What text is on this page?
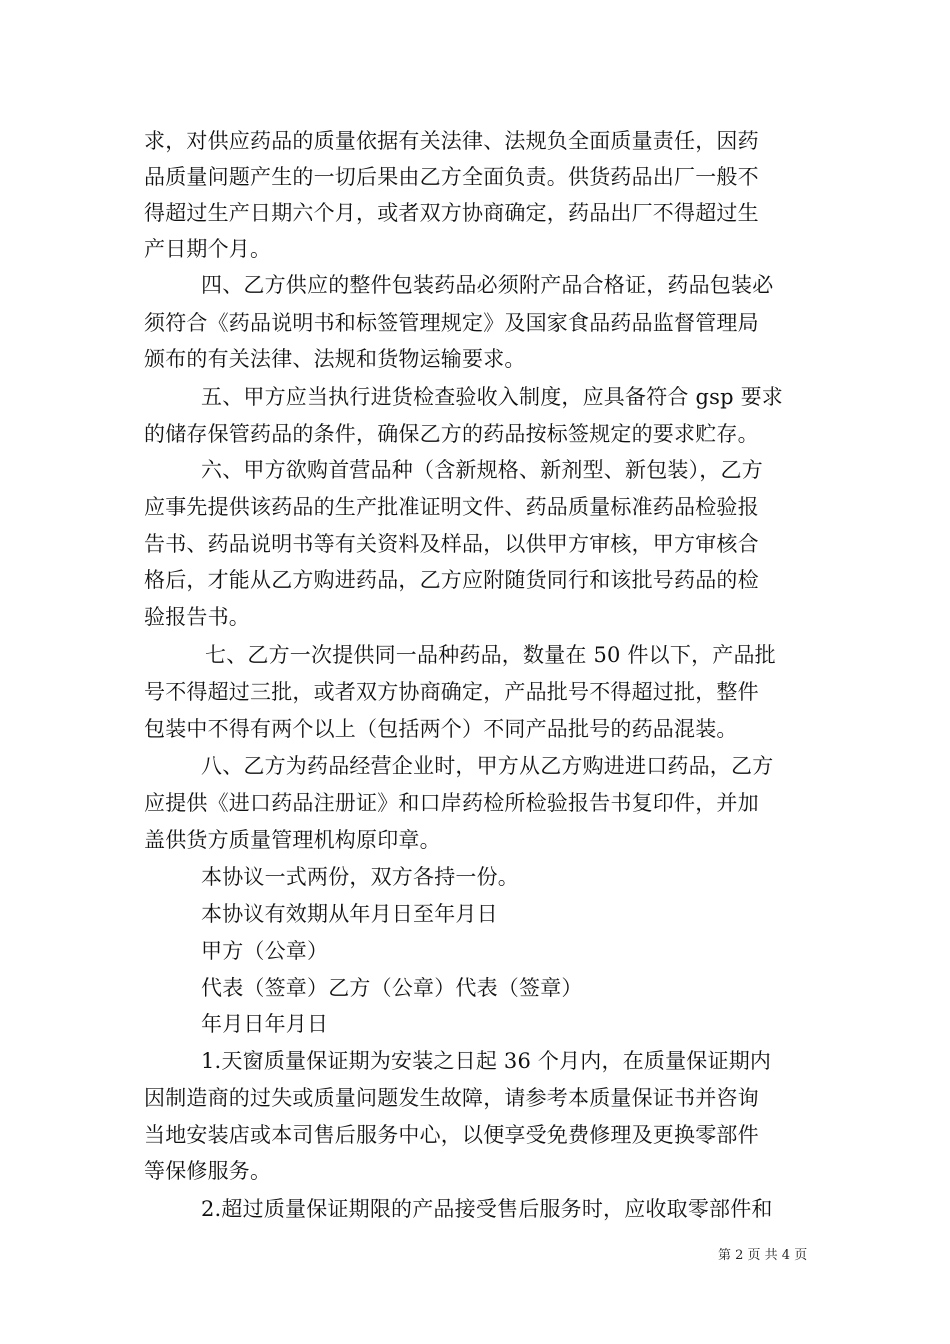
求，对供应药品的质量依据有关法律、法规负全面质量责任，因药
品质量问题产生的一切后果由乙方全面负责。供货药品出厂一般不
得超过生产日期六个月，或者双方协商确定，药品出厂不得超过生
产日期个月。
四、乙方供应的整件包装药品必须附产品合格证，药品包装必
须符合《药品说明书和标签管理规定》及国家食品药品监督管理局
颁布的有关法律、法规和货物运输要求。
五、甲方应当执行进货检查验收入制度，应具备符合 gsp 要求
的储存保管药品的条件，确保乙方的药品按标签规定的要求贮存。
六、甲方欲购首营品种（含新规格、新剂型、新包装），乙方
应事先提供该药品的生产批准证明文件、药品质量标准药品检验报
告书、药品说明书等有关资料及样品，以供甲方审核，甲方审核合
格后，才能从乙方购进药品，乙方应附随货同行和该批号药品的检
验报告书。
七、乙方一次提供同一品种药品，数量在 50 件以下，产品批
号不得超过三批，或者双方协商确定，产品批号不得超过批，整件
包装中不得有两个以上（包括两个）不同产品批号的药品混装。
八、乙方为药品经营企业时，甲方从乙方购进进口药品，乙方
应提供《进口药品注册证》和口岸药检所检验报告书复印件，并加
盖供货方质量管理机构原印章。
本协议一式两份，双方各持一份。
本协议有效期从年月日至年月日
甲方（公章）
代表（签章）乙方（公章）代表（签章）
年月日年月日
1.天窗质量保证期为安装之日起 36 个月内，在质量保证期内
因制造商的过失或质量问题发生故障，请参考本质量保证书并咨询
当地安装店或本司售后服务中心，以便享受免费修理及更换零部件
等保修服务。
2.超过质量保证期限的产品接受售后服务时，应收取零部件和
第 2 页 共 4 页
